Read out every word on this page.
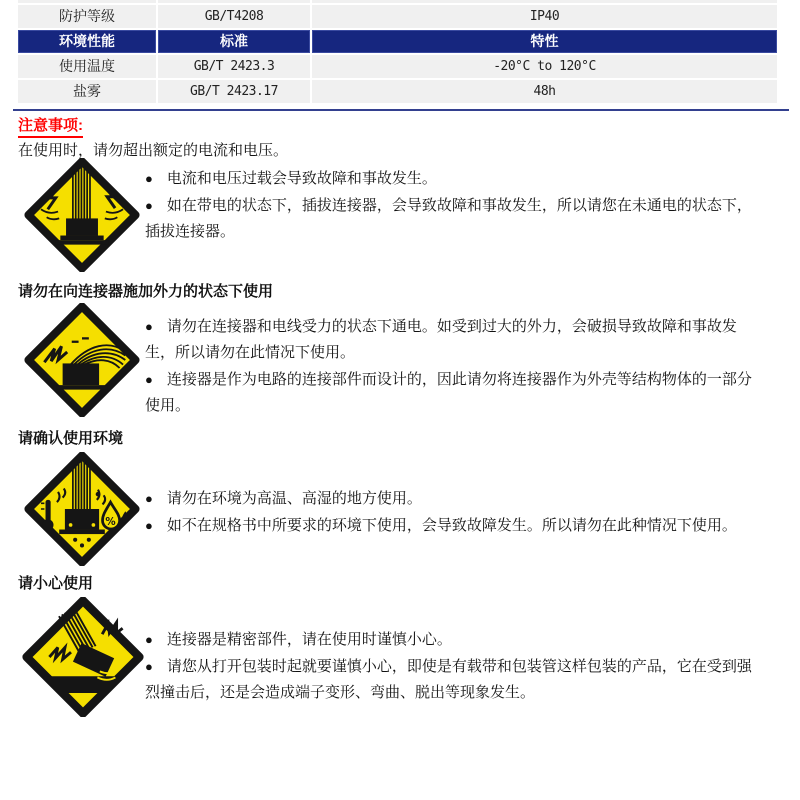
防护等级	GB/T4208	IP40
环境性能	标准	特性
使用温度	GB/T 2423.3	-20°C to 120°C
盐雾	GB/T 2423.17	48h
注意事项:
在使用时，请勿超出额定的电流和电压。

● 电流和电压过载会导致故障和事故发生。

● 如在带电的状态下，插拔连接器，会导致故障和事故发生，所以请您在未通电的状态下，插拔连接器。

请勿在向连接器施加外力的状态下使用

● 请勿在连接器和电线受力的状态下通电。如受到过大的外力，会破损导致故障和事故发生，所以请勿在此情况下使用。

● 连接器是作为电路的连接部件而设计的，因此请勿将连接器作为外壳等结构物体的一部分使用。

请确认使用环境
%

● 请勿在环境为高温、高湿的地方使用。

● 如不在规格书中所要求的环境下使用，会导致故障发生。所以请勿在此种情况下使用。

请小心使用

● 连接器是精密部件，请在使用时谨慎小心。

● 请您从打开包装时起就要谨慎小心，即使是有载带和包装管这样包装的产品，它在受到强烈撞击后，还是会造成端子变形、弯曲、脱出等现象发生。
